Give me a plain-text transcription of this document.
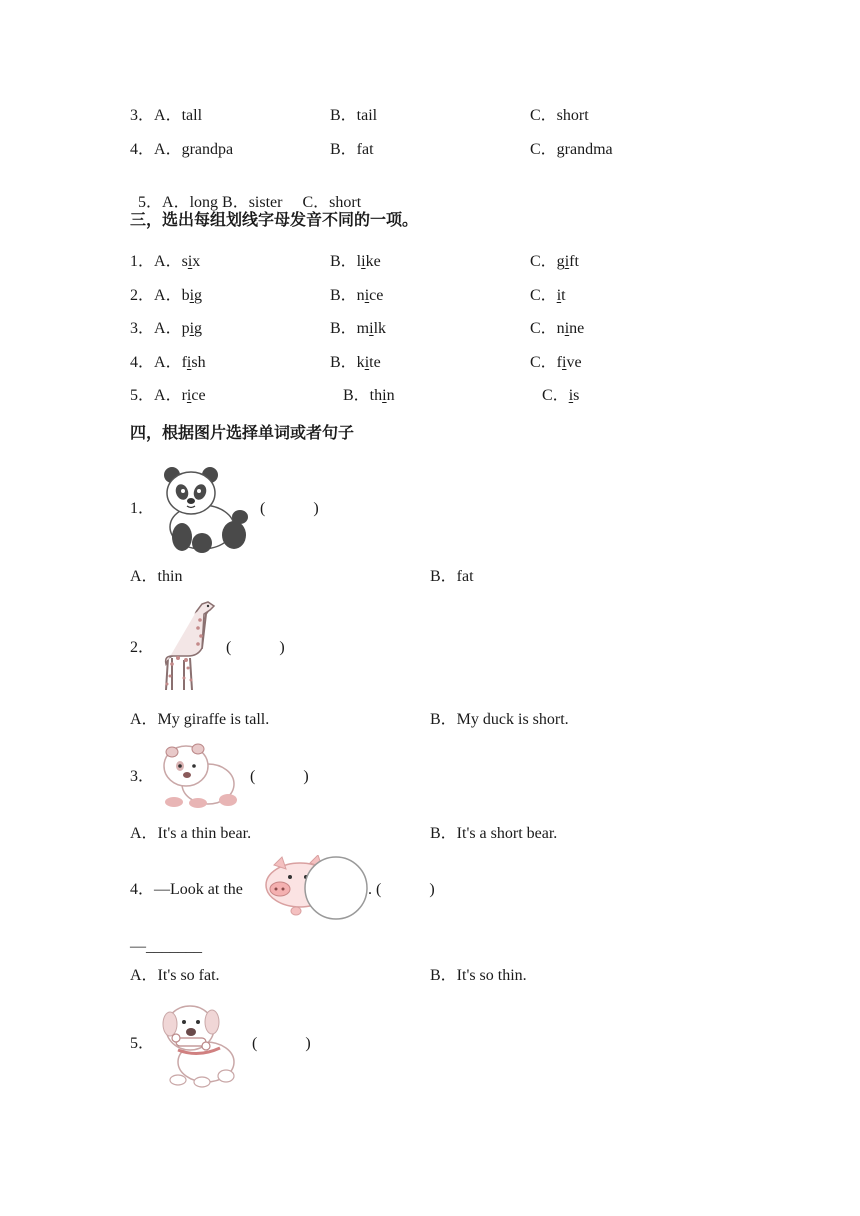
3．A．tall	B．tail	C．short
4．A．grandpa	B．fat	C．grandma

5．A．long B．sister     C．short

三，选出每组划线字母发音不同的一项。
1．A．six	B．like	C．gift
2．A．big	B．nice	C．it
3．A．pig	B．milk	C．nine
4．A．fish	B．kite	C．five
5．A．rice	B．thin	C．is
四，根据图片选择单词或者句子
1．	(            )
A．thin	B．fat
2．	(            )
A．My giraffe is tall.	B．My duck is short.
3．	(            )
A．It's a thin bear.	B．It's a short bear.
4．—Look at the	. (            )
—_______
A．It's so fat.	B．It's so thin.
5．	(            )
